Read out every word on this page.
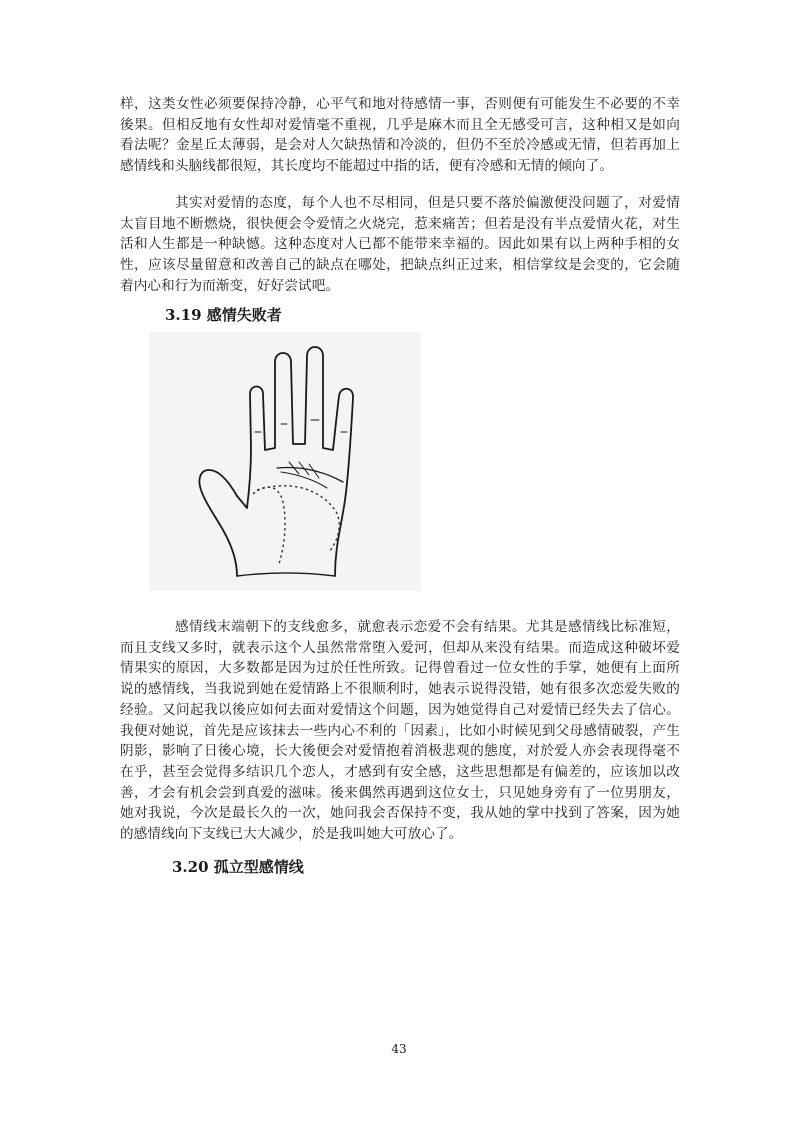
样，这类女性必须要保持冷静，心平气和地对待感情一事，否则便有可能发生不必要的不幸後果。但相反地有女性却对爱情毫不重视，几乎是麻木而且全无感受可言，这种相又是如向看法呢？金星丘太薄弱，是会对人欠缺热情和冷淡的，但仍不至於冷感或无情，但若再加上感情线和头脑线都很短，其长度均不能超过中指的话，便有冷感和无情的倾向了。

其实对爱情的态度，每个人也不尽相同，但是只要不落於偏激便没问题了，对爱情太盲目地不断燃烧，很快便会令爱情之火烧完，惹来痛苦；但若是没有半点爱情火花，对生活和人生都是一种缺憾。这种态度对人已都不能带来幸福的。因此如果有以上两种手相的女性，应该尽量留意和改善自己的缺点在哪处，把缺点纠正过来，相信掌纹是会变的，它会随着内心和行为而渐变，好好尝试吧。

3.19 感情失败者

感情线末端朝下的支线愈多，就愈表示恋爱不会有结果。尤其是感情线比标准短，而且支线又多时，就表示这个人虽然常常堕入爱河，但却从来没有结果。而造成这种破坏爱情果实的原因，大多数都是因为过於任性所致。记得曾看过一位女性的手掌，她便有上面所说的感情线，当我说到她在爱情路上不很顺利时，她表示说得没错，她有很多次恋爱失败的经验。又问起我以後应如何去面对爱情这个问题，因为她觉得自己对爱情已经失去了信心。我便对她说，首先是应该抹去一些内心不利的「因素」，比如小时候见到父母感情破裂，产生阴影，影响了日後心境，长大後便会对爱情抱着消极悲观的態度，对於爱人亦会表现得毫不在乎，甚至会觉得多结识几个恋人，才感到有安全感，这些思想都是有偏差的，应该加以改善，才会有机会尝到真爱的滋味。後来偶然再遇到这位女士，只见她身旁有了一位男朋友，她对我说，今次是最长久的一次，她问我会否保持不变，我从她的掌中找到了答案，因为她的感情线向下支线已大大减少，於是我叫她大可放心了。

3.20 孤立型感情线
43
